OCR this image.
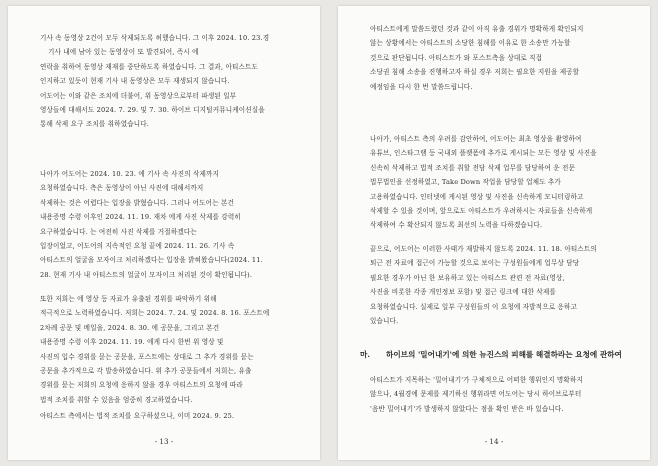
기사 속 동영상 2건이 모두 삭제되도록 허했습니다. 그 이후 2024. 10. 23.경
기사 내에 남아 있는 동영상이 또 발견되어, 즉시 에
연락을 취하여 동영상 재재를 중단하도록 하였습니다. 그 결과, 아티스트도
인지하고 있듯이 현재 기사 내 동영상은 모두 재생되지 않습니다.
어도어는 이와 같은 조치에 더불어, 위 동영상으로부터 파생된 일부
영상들에 대해서도 2024. 7. 29. 및 7. 30. 하이브 디지털커뮤니케이션실을
통해 삭제 요구 조치를 취하였습니다.
나아가 어도어는 2024. 10. 23. 에 기사 속 사진의 삭제까지
요청하였습니다. 측은 동영상이 아닌 사진에 대해서까지
삭제하는 것은 어렵다는 입장을 밝혔습니다. 그러나 어도어는 본건
내용증명 수령 이후인 2024. 11. 19. 재차 에게 사진 삭제를 강력히
요구하였습니다. 는 여전히 사진 삭제를 거절하겠다는
입장이었고, 어도어의 지속적인 요청 끝에 2024. 11. 26. 기사 속
아티스트의 얼굴을 모자이크 처리하겠다는 입장을 밝혀왔습니다(2024. 11.
28. 현재 기사 내 아티스트의 얼굴이 모자이크 처리된 것이 확인됩니다).
또한 저희는 에 영상 등 자료가 유출된 경위를 파악하기 위해
적극적으로 노력하였습니다. 저희는 2024. 7. 24. 및 2024. 8. 16. 포스트에
2차례 공문 및 메일을, 2024. 8. 30. 에 공문을, 그리고 본건
내용증명 수령 이후 2024. 11. 19. 에게 다시 한번 위 영상 및
사진의 입수 경위를 묻는 공문을, 포스트에는 상대로 그 추가 경위를 묻는
공문을 추가적으로 각 발송하였습니다. 위 추가 공문들에서 저희는, 유출
경위를 묻는 저희의 요청에 응하지 않을 경우 아티스트의 요청에 따라
법적 조치를 취할 수 있음을 엄중히 경고하였습니다.
아티스트 측에서는 법적 조치를 요구하셨으나, 이미 2024. 9. 25.
- 13 -
아티스트에게 말씀드렸던 것과 같이 아직 유출 경위가 명확하게 확인되지
않는 상황에서는 아티스트의 소당한 침해를 이유로 한 소송만 가능할
것으로 판단됩니다. 아티스트가 와 포스트측을 상대로 직접
소당권 침해 소송을 진행하고자 하실 경우 저희는 필요한 지원을 제공할
예정임을 다시 한 번 말씀드립니다.
나아가, 아티스트 측의 우려를 감안하여, 어도어는 최초 영상을 촬영하여
유튜브, 인스타그램 등 국내외 플랫폼에 추가로 게시되는 모든 영상 및 사진을
신속히 삭제하고 법적 조치를 취할 전담 삭제 업무를 담당하여 운 전문
법무법인을 선정하였고, Take Down 작업을 담당할 업체도 추가
고용하였습니다. 인터넷에 게시된 영상 및 사진을 신속하게 모니터링하고
삭제할 수 있을 것이며, 앞으로도 아티스트가 우려하시는 자료들을 신속하게
삭제하여 수 확산되지 않도록 최선의 노력을 다하겠습니다.
끝으로, 어도어는 이러한 사태가 재발하지 않도록 2024. 11. 18. 아티스트의
퇴근 전 자료에 접근이 가능할 것으로 보이는 구성원들에게 업무상 담당
필요한 경우가 아닌 한 보유하고 있는 아티스트 관련 전 자료(영상,
사진을 비롯한 각종 개인정보 포함) 및 접근 링크에 대한 삭제를
요청하였습니다. 실제로 일부 구성원들의 이 요청에 자발적으로 응하고
있습니다.
마. 하이브의 '밀어내기'에 의한 뉴진스의 피해를 해결하라는 요청에 관하여
아티스트가 지목하는 '밀어내기'가 구체적으로 어떠한 행위인지 명확하지
않으나, 4월경에 문제를 제기하신 행위라면 어도어는 당시 하이브로부터
'음반 밀어내기'가 발생하지 않았다는 점을 확인 받은 바 있습니다.
- 14 -
